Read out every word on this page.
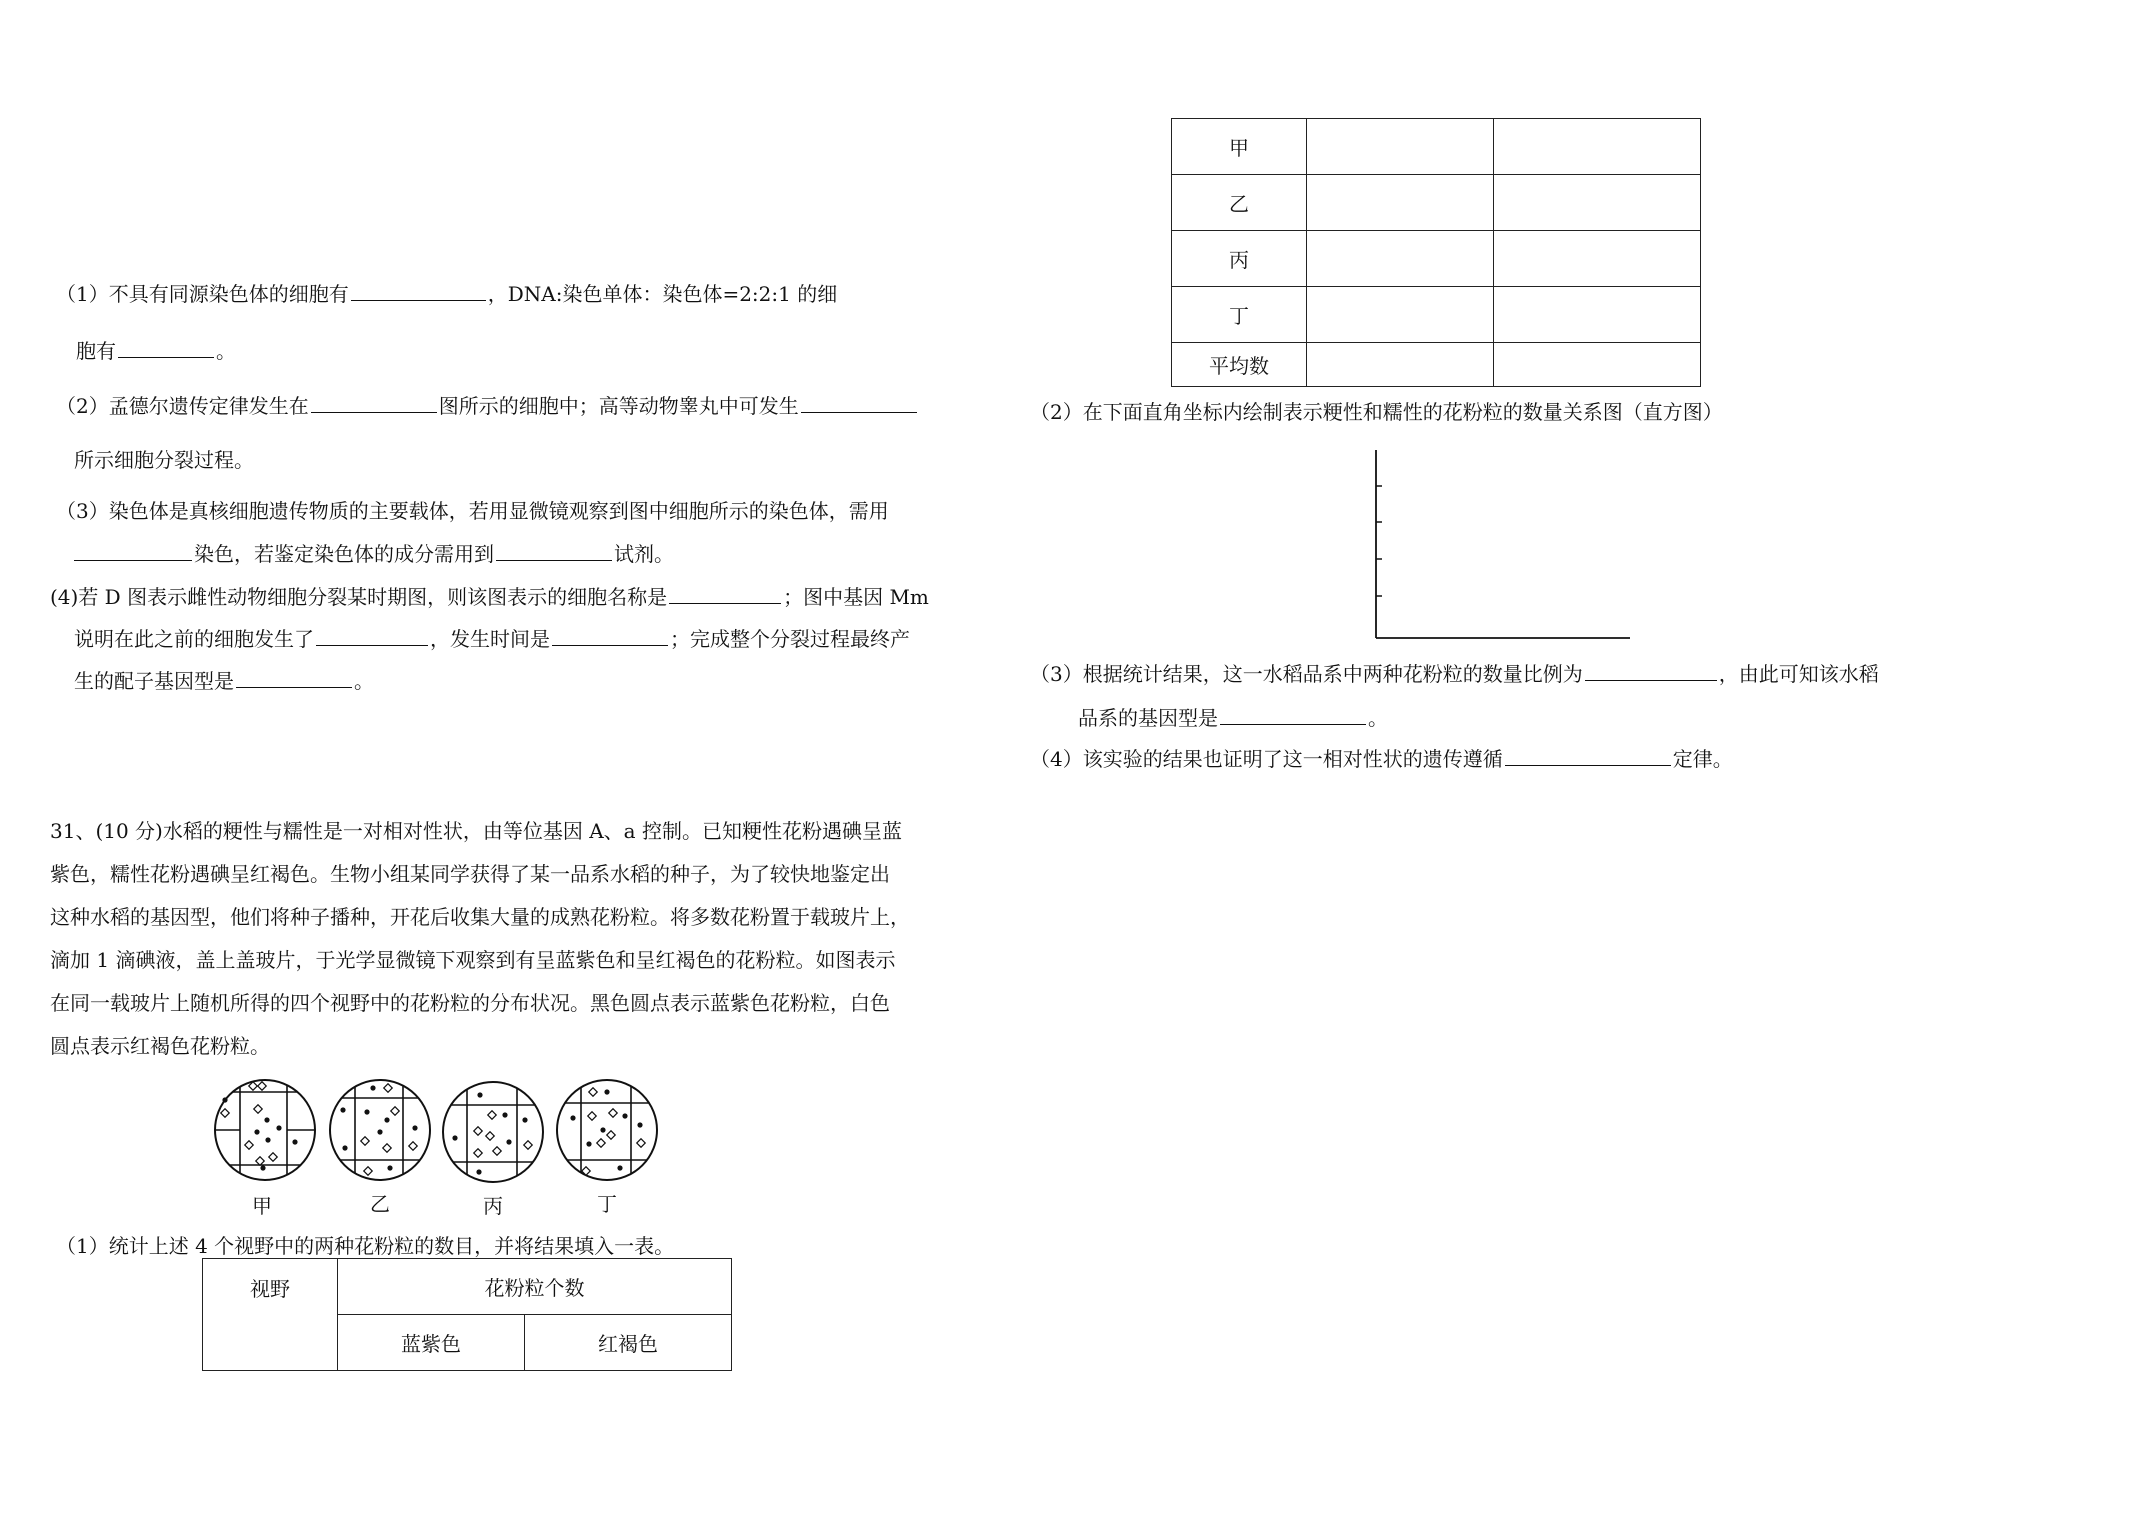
（1）不具有同源染色体的细胞有	，DNA:染色单体：染色体=2:2:1 的细
胞有	。
（2）孟德尔遗传定律发生在	图所示的细胞中；高等动物睾丸中可发生
所示细胞分裂过程。
（3）染色体是真核细胞遗传物质的主要载体，若用显微镜观察到图中细胞所示的染色体，需用
染色，若鉴定染色体的成分需用到	试剂。
(4)若 D 图表示雌性动物细胞分裂某时期图，则该图表示的细胞名称是	；图中基因 Mm
说明在此之前的细胞发生了	，发生时间是	；完成整个分裂过程最终产
生的配子基因型是	。
31、(10 分)水稻的粳性与糯性是一对相对性状，由等位基因 A、a 控制。已知粳性花粉遇碘呈蓝
紫色，糯性花粉遇碘呈红褐色。生物小组某同学获得了某一品系水稻的种子，为了较快地鉴定出
这种水稻的基因型，他们将种子播种，开花后收集大量的成熟花粉粒。将多数花粉置于载玻片上，
滴加 1 滴碘液，盖上盖玻片，于光学显微镜下观察到有呈蓝紫色和呈红褐色的花粉粒。如图表示
在同一载玻片上随机所得的四个视野中的花粉粒的分布状况。黑色圆点表示蓝紫色花粉粒，白色
圆点表示红褐色花粉粒。
甲	乙	丙	丁
（1）统计上述 4 个视野中的两种花粉粒的数目，并将结果填入一表。
视野	花粉粒个数	
	蓝紫色	红褐色
甲		
乙		
丙		
丁		
平均数		
（2）在下面直角坐标内绘制表示粳性和糯性的花粉粒的数量关系图（直方图）
（3）根据统计结果，这一水稻品系中两种花粉粒的数量比例为	，由此可知该水稻
品系的基因型是	。
（4）该实验的结果也证明了这一相对性状的遗传遵循	定律。
